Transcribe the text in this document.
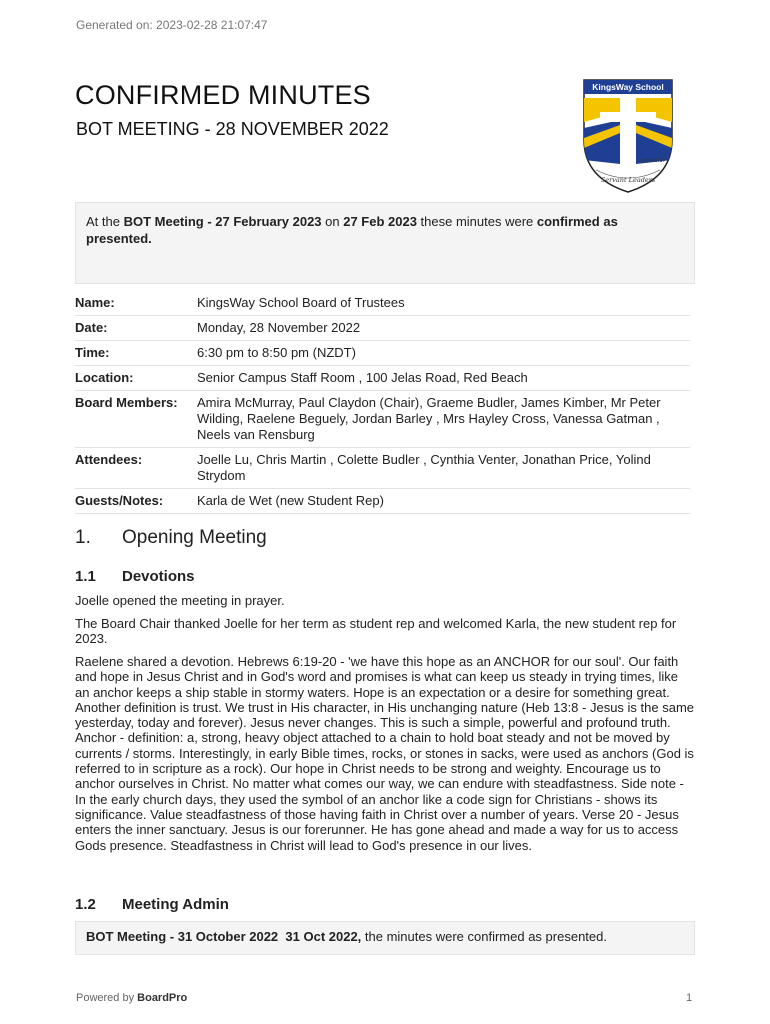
Generated on: 2023-02-28 21:07:47
CONFIRMED MINUTES
BOT MEETING - 28 NOVEMBER 2022
John 3:17
KingsWay School
Servant Leaders
At the BOT Meeting - 27 February 2023 on 27 Feb 2023 these minutes were confirmed as presented.
Name:	KingsWay School Board of Trustees
Date:	Monday, 28 November 2022
Time:	6:30 pm to 8:50 pm (NZDT)
Location:	Senior Campus Staff Room , 100 Jelas Road, Red Beach
Board Members:	Amira McMurray, Paul Claydon (Chair), Graeme Budler, James Kimber, Mr Peter Wilding, Raelene Beguely, Jordan Barley , Mrs Hayley Cross, Vanessa Gatman , Neels van Rensburg
Attendees:	Joelle Lu, Chris Martin , Colette Budler , Cynthia Venter, Jonathan Price, Yolind Strydom
Guests/Notes:	Karla de Wet (new Student Rep)
1. Opening Meeting
1.1 Devotions

Joelle opened the meeting in prayer.

The Board Chair thanked Joelle for her term as student rep and welcomed Karla, the new student rep for 2023.

Raelene shared a devotion. Hebrews 6:19-20 - 'we have this hope as an ANCHOR for our soul'. Our faith and hope in Jesus Christ and in God's word and promises is what can keep us steady in trying times, like an anchor keeps a ship stable in stormy waters. Hope is an expectation or a desire for something great. Another definition is trust. We trust in His character, in His unchanging nature (Heb 13:8 - Jesus is the same yesterday, today and forever). Jesus never changes. This is such a simple, powerful and profound truth. Anchor - definition: a, strong, heavy object attached to a chain to hold boat steady and not be moved by currents / storms. Interestingly, in early Bible times, rocks, or stones in sacks, were used as anchors (God is referred to in scripture as a rock). Our hope in Christ needs to be strong and weighty. Encourage us to anchor ourselves in Christ. No matter what comes our way, we can endure with steadfastness. Side note - In the early church days, they used the symbol of an anchor like a code sign for Christians - shows its significance. Value steadfastness of those having faith in Christ over a number of years. Verse 20 - Jesus enters the inner sanctuary. Jesus is our forerunner. He has gone ahead and made a way for us to access Gods presence. Steadfastness in Christ will lead to God's presence in our lives.

1.2 Meeting Admin
BOT Meeting - 31 October 2022 31 Oct 2022, the minutes were confirmed as presented.
Powered by BoardPro	1
